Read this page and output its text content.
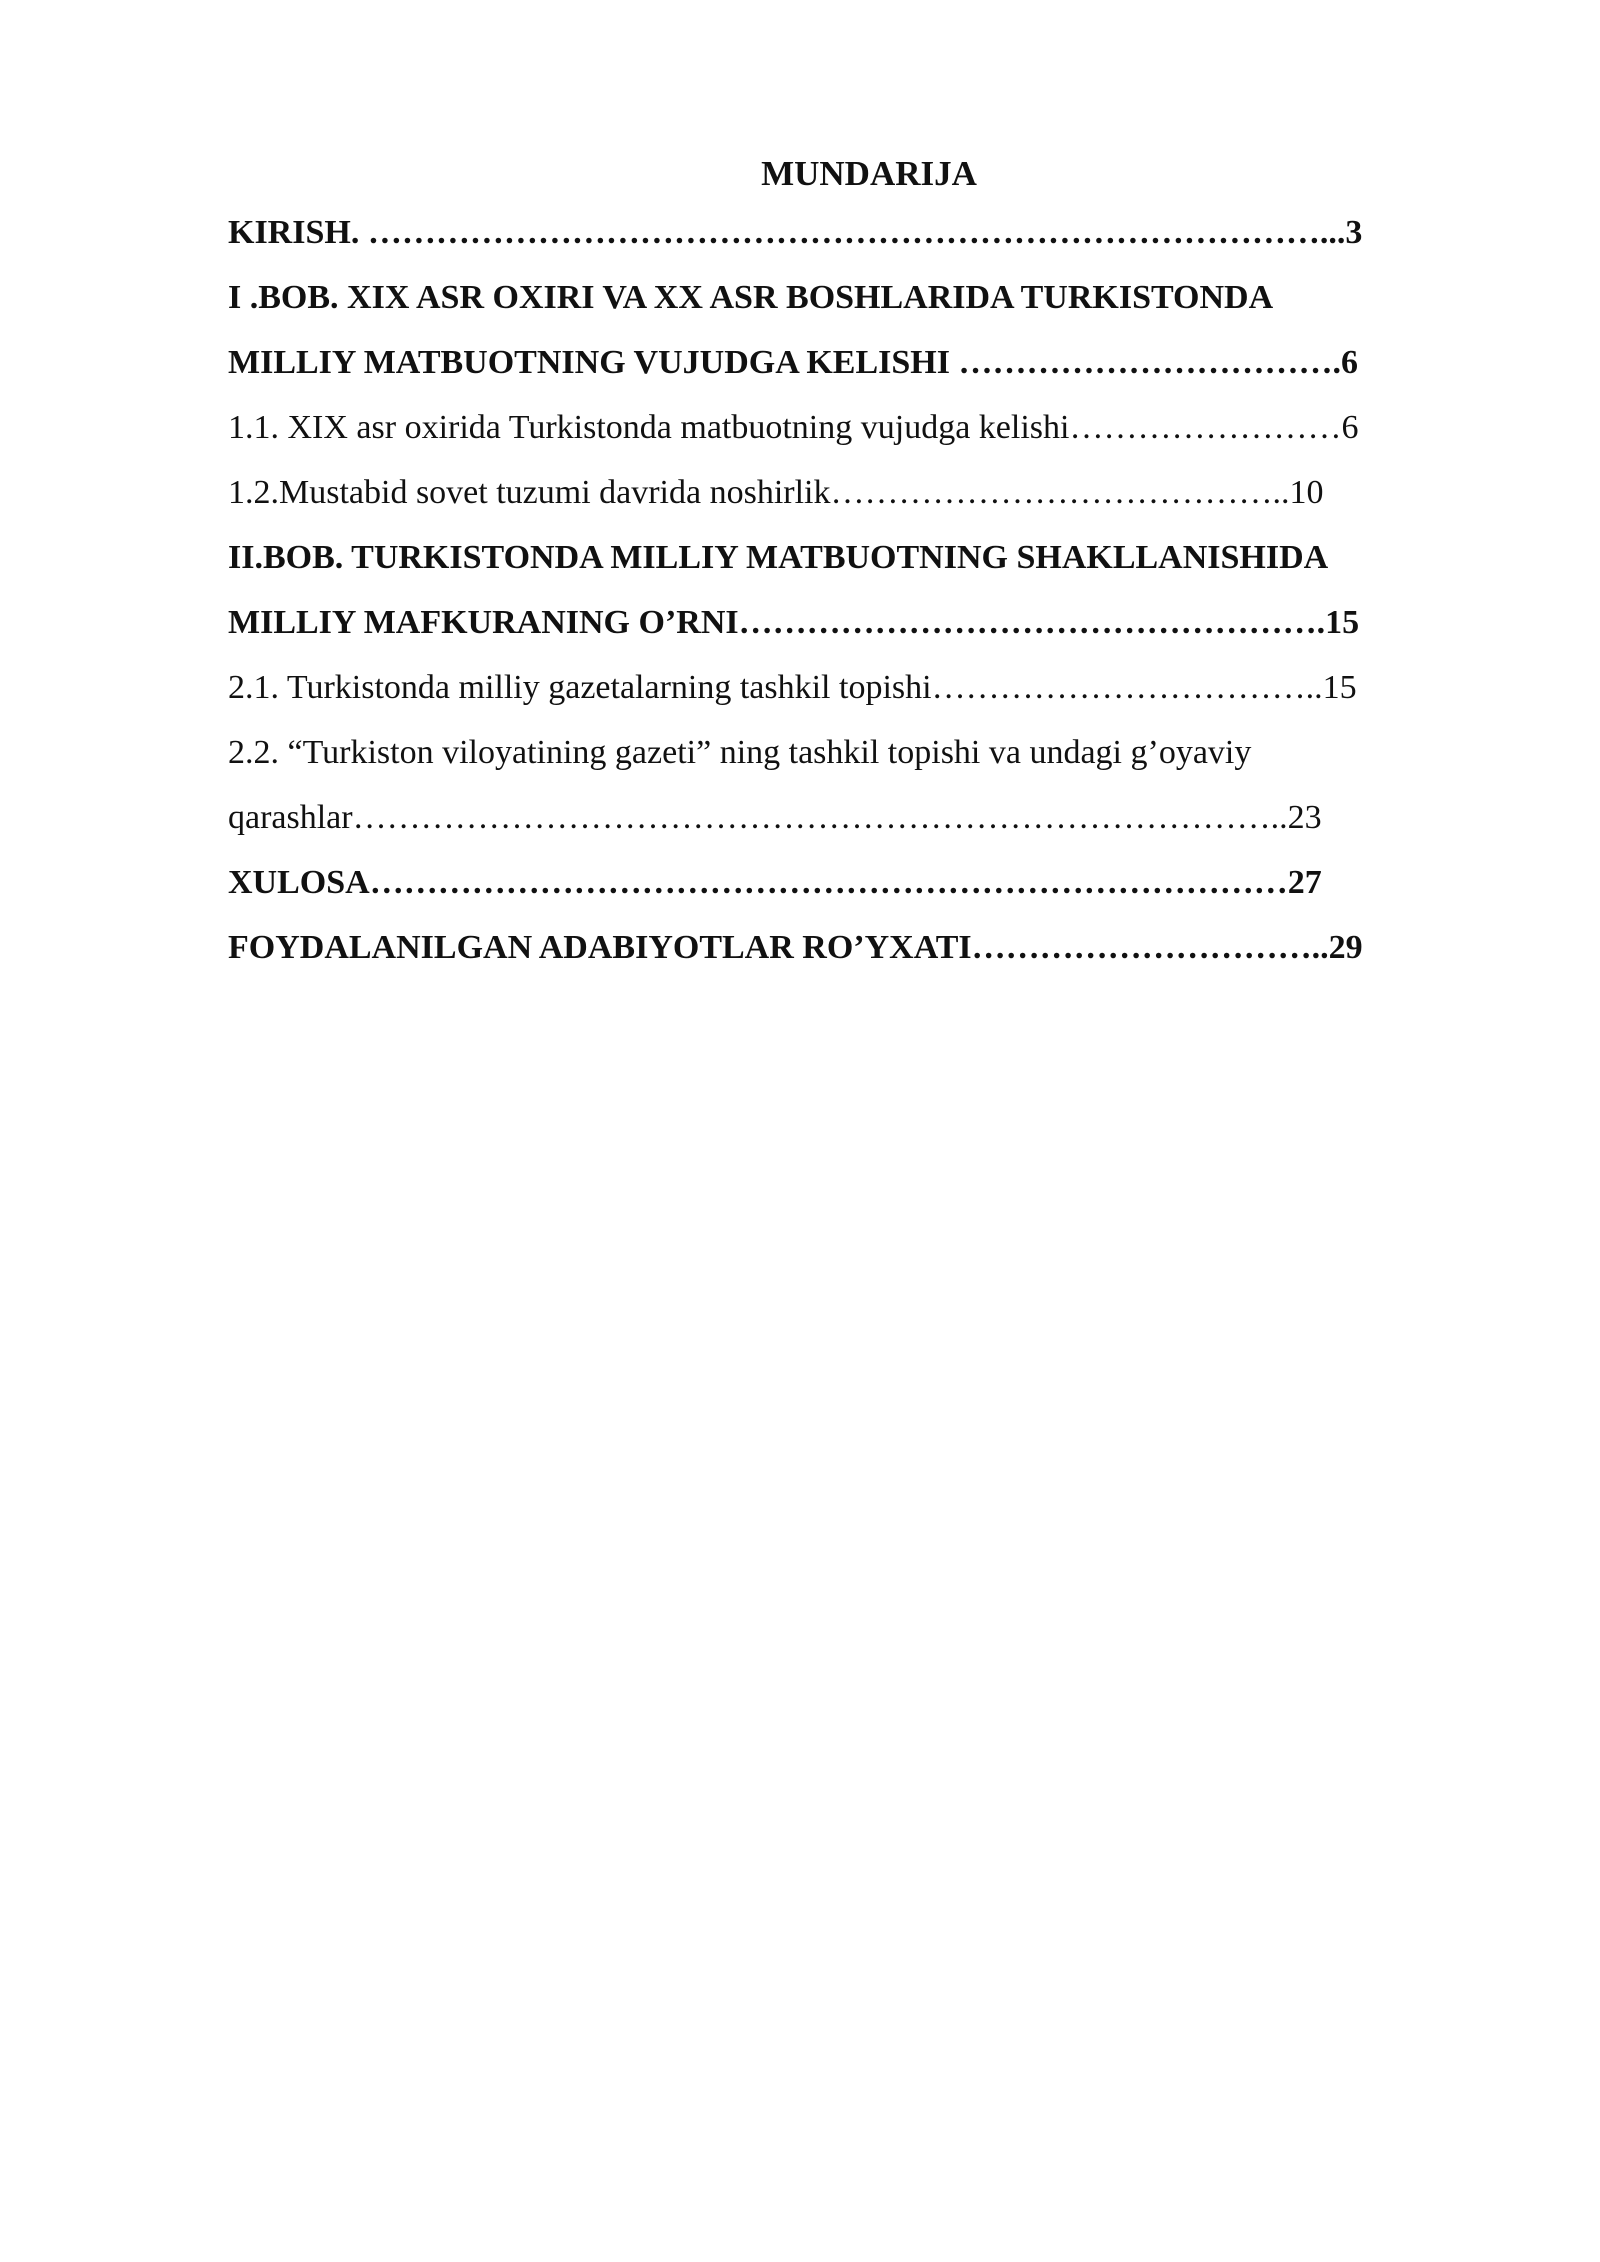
MUNDARIJA

KIRISH. …………………………………………………………………………...3

I .BOB. XIX ASR OXIRI VA XX ASR BOSHLARIDA TURKISTONDA

MILLIY MATBUOTNING VUJUDGA KELISHI …………………………….6

1.1. XIX asr oxirida Turkistonda matbuotning vujudga kelishi……………………6

1.2.Mustabid sovet tuzumi davrida noshirlik…………………………………..10

II.BOB. TURKISTONDA MILLIY MATBUOTNING SHAKLLANISHIDA

MILLIY MAFKURANING O’RNI…………………………………………….15

2.1. Turkistonda milliy gazetalarning tashkil topishi……………………………..15

2.2. “Turkiston viloyatining gazeti” ning tashkil topishi va undagi g’oyaviy

qarashlar………………………………………………………………………..23

XULOSA………………………………………………………………………27

FOYDALANILGAN ADABIYOTLAR RO’YXATI…………………………..29
